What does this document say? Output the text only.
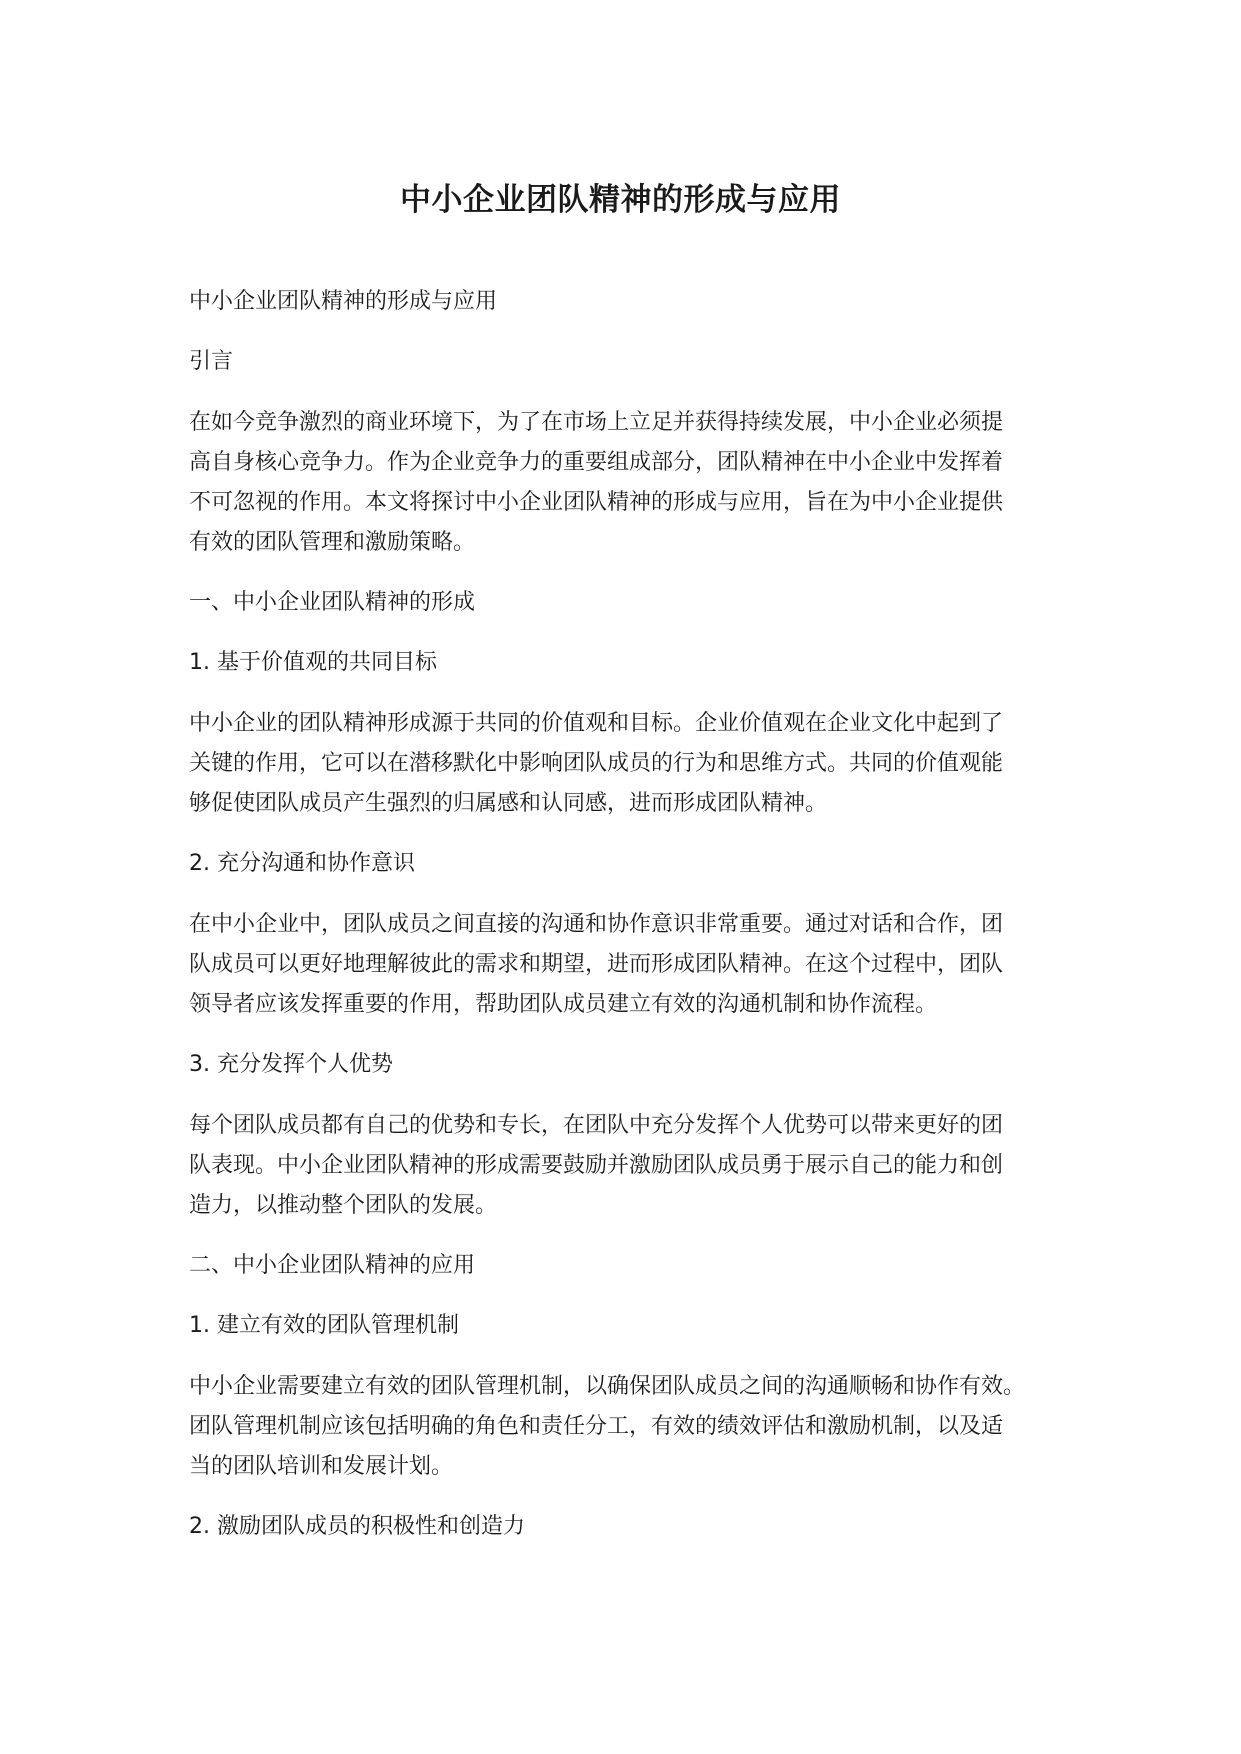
中小企业团队精神的形成与应用

中小企业团队精神的形成与应用

引言

在如今竞争激烈的商业环境下，为了在市场上立足并获得持续发展，中小企业必须提

高自身核心竞争力。作为企业竞争力的重要组成部分，团队精神在中小企业中发挥着

不可忽视的作用。本文将探讨中小企业团队精神的形成与应用，旨在为中小企业提供

有效的团队管理和激励策略。

一、中小企业团队精神的形成

1. 基于价值观的共同目标

中小企业的团队精神形成源于共同的价值观和目标。企业价值观在企业文化中起到了

关键的作用，它可以在潜移默化中影响团队成员的行为和思维方式。共同的价值观能

够促使团队成员产生强烈的归属感和认同感，进而形成团队精神。

2. 充分沟通和协作意识

在中小企业中，团队成员之间直接的沟通和协作意识非常重要。通过对话和合作，团

队成员可以更好地理解彼此的需求和期望，进而形成团队精神。在这个过程中，团队

领导者应该发挥重要的作用，帮助团队成员建立有效的沟通机制和协作流程。

3. 充分发挥个人优势

每个团队成员都有自己的优势和专长，在团队中充分发挥个人优势可以带来更好的团

队表现。中小企业团队精神的形成需要鼓励并激励团队成员勇于展示自己的能力和创

造力，以推动整个团队的发展。

二、中小企业团队精神的应用

1. 建立有效的团队管理机制

中小企业需要建立有效的团队管理机制，以确保团队成员之间的沟通顺畅和协作有效。

团队管理机制应该包括明确的角色和责任分工，有效的绩效评估和激励机制，以及适

当的团队培训和发展计划。

2. 激励团队成员的积极性和创造力
